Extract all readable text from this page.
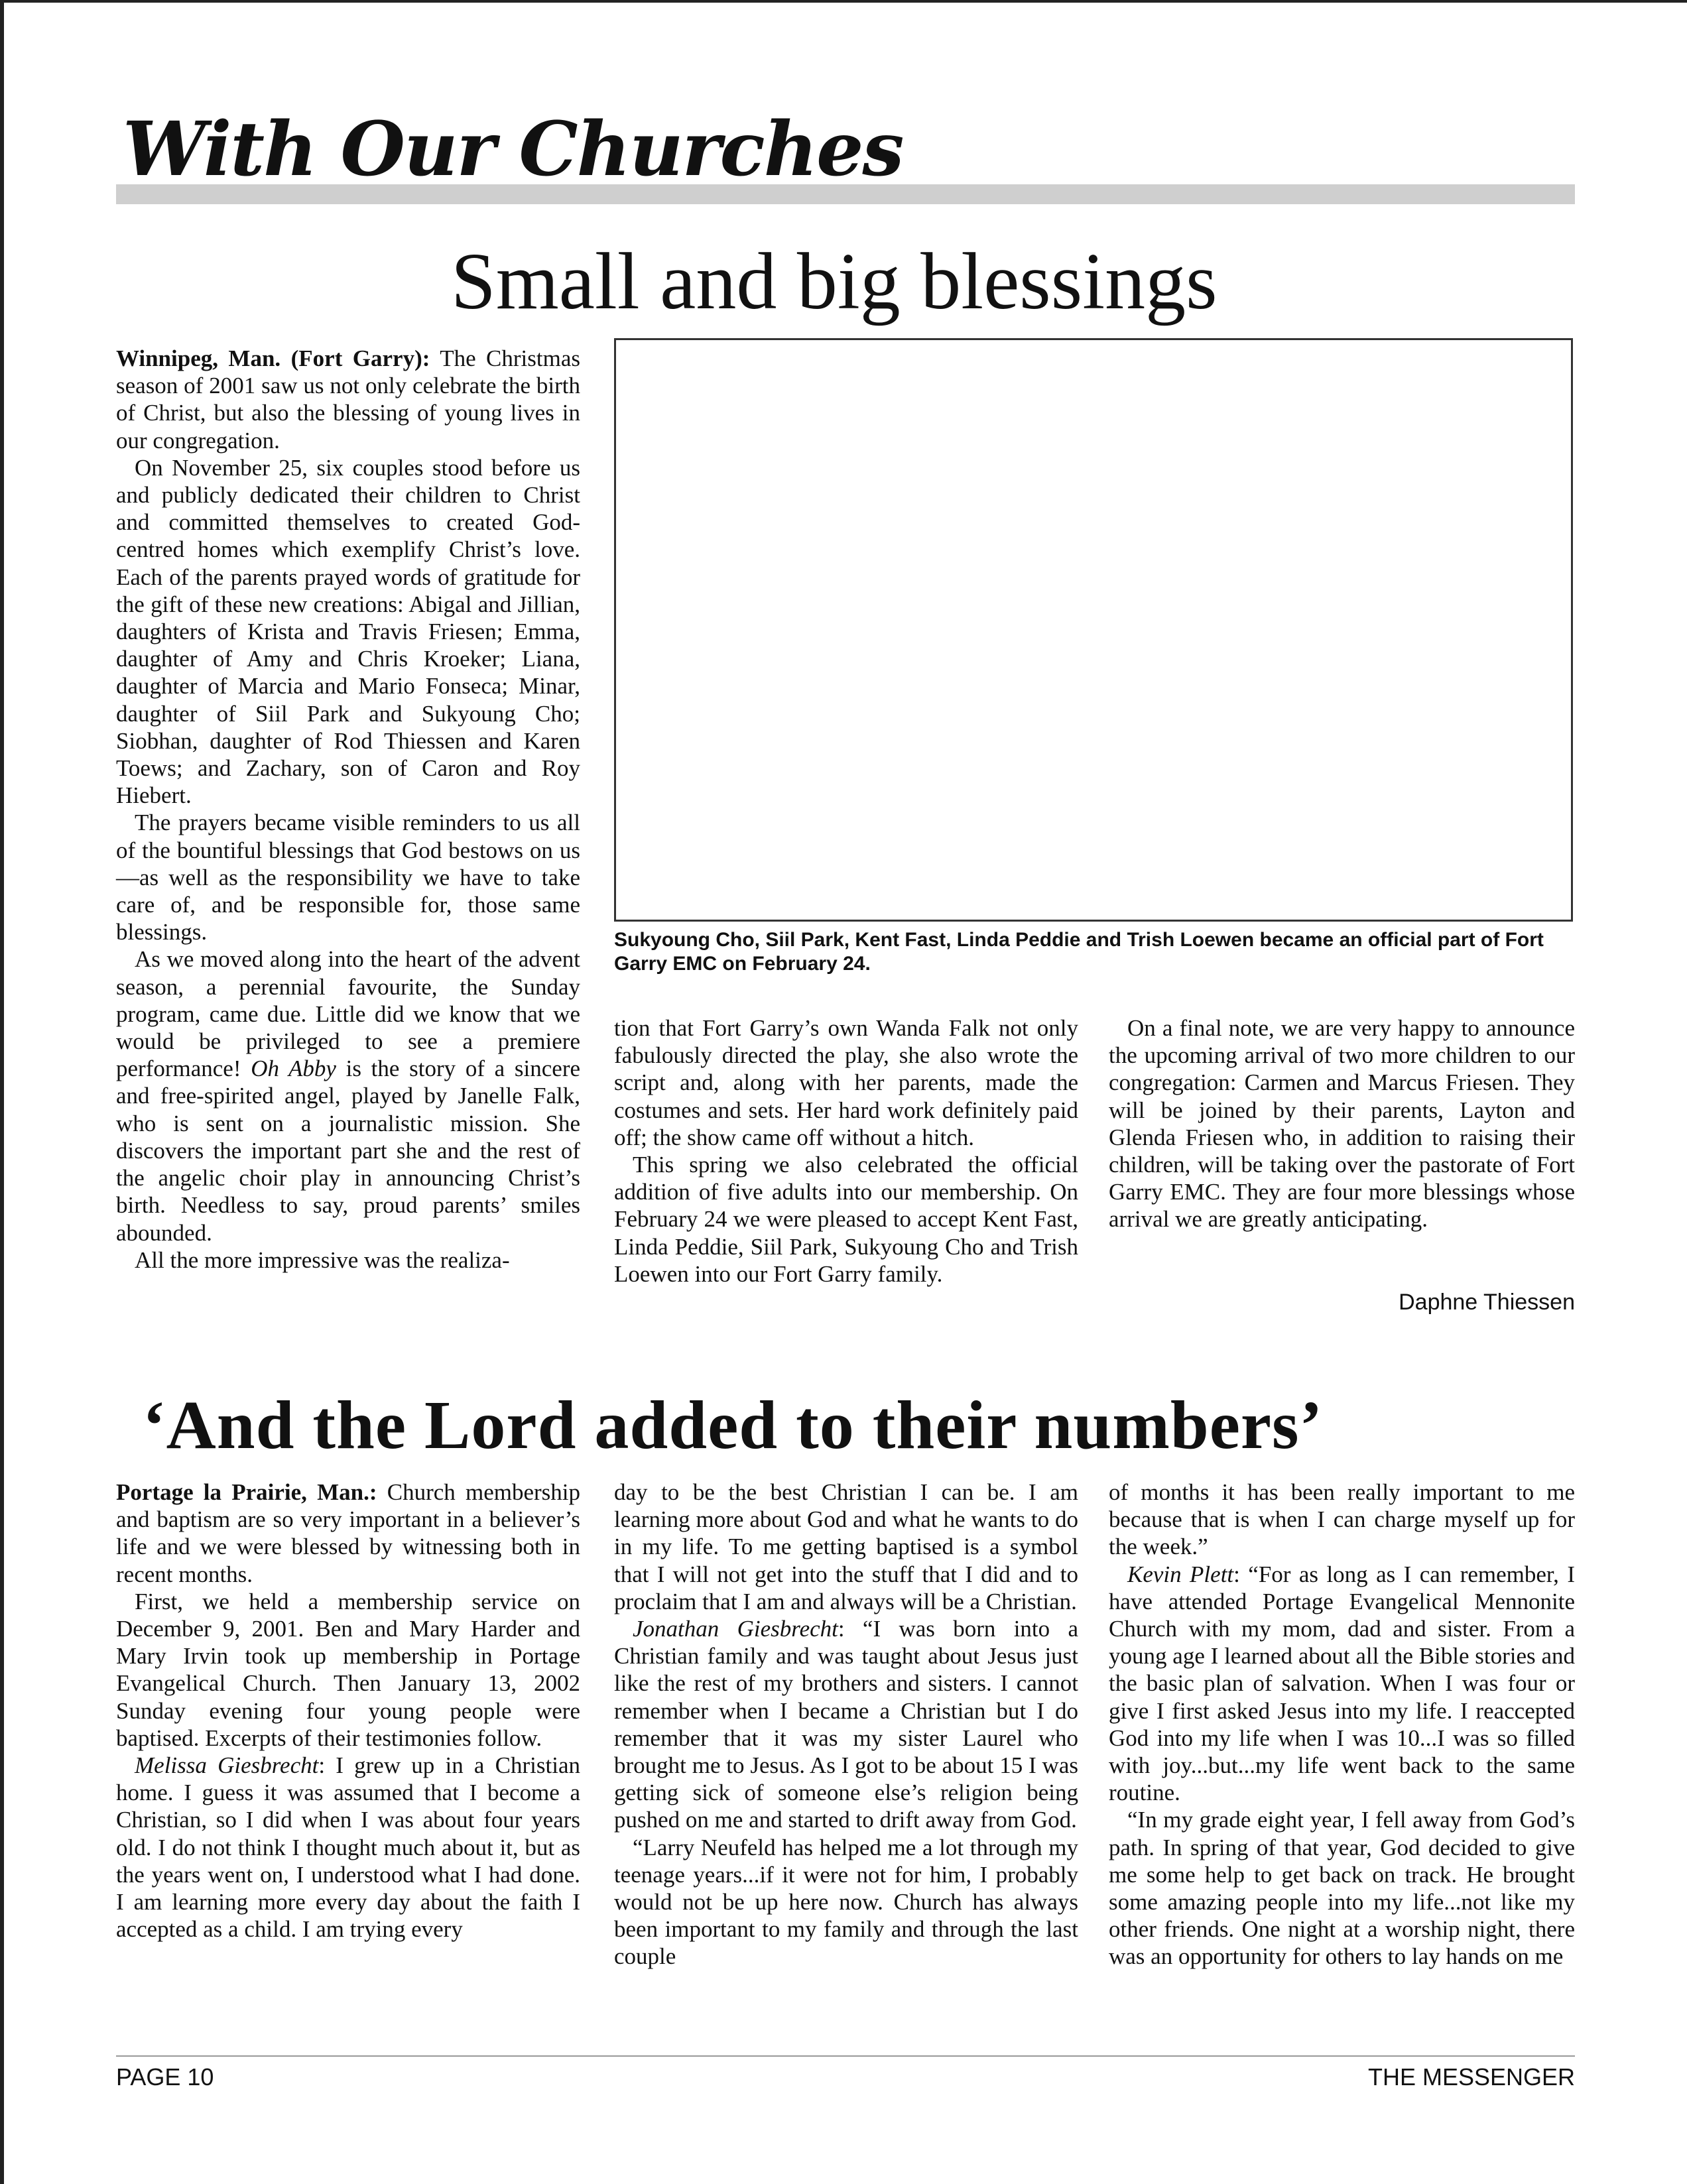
With Our Churches
Small and big blessings

Winnipeg, Man. (Fort Garry): The Christmas season of 2001 saw us not only celebrate the birth of Christ, but also the blessing of young lives in our congregation.

On November 25, six couples stood before us and publicly dedicated their children to Christ and committed themselves to created God-centred homes which exemplify Christ’s love. Each of the parents prayed words of gratitude for the gift of these new creations: Abigal and Jillian, daughters of Krista and Travis Friesen; Emma, daughter of Amy and Chris Kroeker; Liana, daughter of Marcia and Mario Fonseca; Minar, daughter of Siil Park and Sukyoung Cho; Siobhan, daughter of Rod Thiessen and Karen Toews; and Zachary, son of Caron and Roy Hiebert.

The prayers became visible reminders to us all of the bountiful blessings that God bestows on us—as well as the responsibility we have to take care of, and be responsible for, those same blessings.

As we moved along into the heart of the advent season, a perennial favourite, the Sunday program, came due. Little did we know that we would be privileged to see a premiere performance! Oh Abby is the story of a sincere and free-spirited angel, played by Janelle Falk, who is sent on a journalistic mission. She discovers the important part she and the rest of the angelic choir play in announcing Christ’s birth. Needless to say, proud parents’ smiles abounded.

All the more impressive was the realiza-

Sukyoung Cho, Siil Park, Kent Fast, Linda Peddie and Trish Loewen became an official part of Fort Garry EMC on February 24.

tion that Fort Garry’s own Wanda Falk not only fabulously directed the play, she also wrote the script and, along with her parents, made the costumes and sets. Her hard work definitely paid off; the show came off without a hitch.

This spring we also celebrated the official addition of five adults into our membership. On February 24 we were pleased to accept Kent Fast, Linda Peddie, Siil Park, Sukyoung Cho and Trish Loewen into our Fort Garry family.

On a final note, we are very happy to announce the upcoming arrival of two more children to our congregation: Carmen and Marcus Friesen. They will be joined by their parents, Layton and Glenda Friesen who, in addition to raising their children, will be taking over the pastorate of Fort Garry EMC. They are four more blessings whose arrival we are greatly anticipating.

Daphne Thiessen
‘And the Lord added to their numbers’

Portage la Prairie, Man.: Church membership and baptism are so very important in a believer’s life and we were blessed by witnessing both in recent months.

First, we held a membership service on December 9, 2001. Ben and Mary Harder and Mary Irvin took up membership in Portage Evangelical Church. Then January 13, 2002 Sunday evening four young people were baptised. Excerpts of their testimonies follow.

Melissa Giesbrecht: I grew up in a Christian home. I guess it was assumed that I become a Christian, so I did when I was about four years old. I do not think I thought much about it, but as the years went on, I understood what I had done. I am learning more every day about the faith I accepted as a child. I am trying every

day to be the best Christian I can be. I am learning more about God and what he wants to do in my life. To me getting baptised is a symbol that I will not get into the stuff that I did and to proclaim that I am and always will be a Christian.

Jonathan Giesbrecht: “I was born into a Christian family and was taught about Jesus just like the rest of my brothers and sisters. I cannot remember when I became a Christian but I do remember that it was my sister Laurel who brought me to Jesus. As I got to be about 15 I was getting sick of someone else’s religion being pushed on me and started to drift away from God.

“Larry Neufeld has helped me a lot through my teenage years...if it were not for him, I probably would not be up here now. Church has always been important to my family and through the last couple

of months it has been really important to me because that is when I can charge myself up for the week.”

Kevin Plett: “For as long as I can remember, I have attended Portage Evangelical Mennonite Church with my mom, dad and sister. From a young age I learned about all the Bible stories and the basic plan of salvation. When I was four or give I first asked Jesus into my life. I reaccepted God into my life when I was 10...I was so filled with joy...but...my life went back to the same routine.

“In my grade eight year, I fell away from God’s path. In spring of that year, God decided to give me some help to get back on track. He brought some amazing people into my life...not like my other friends. One night at a worship night, there was an opportunity for others to lay hands on me

PAGE 10	THE MESSENGER
